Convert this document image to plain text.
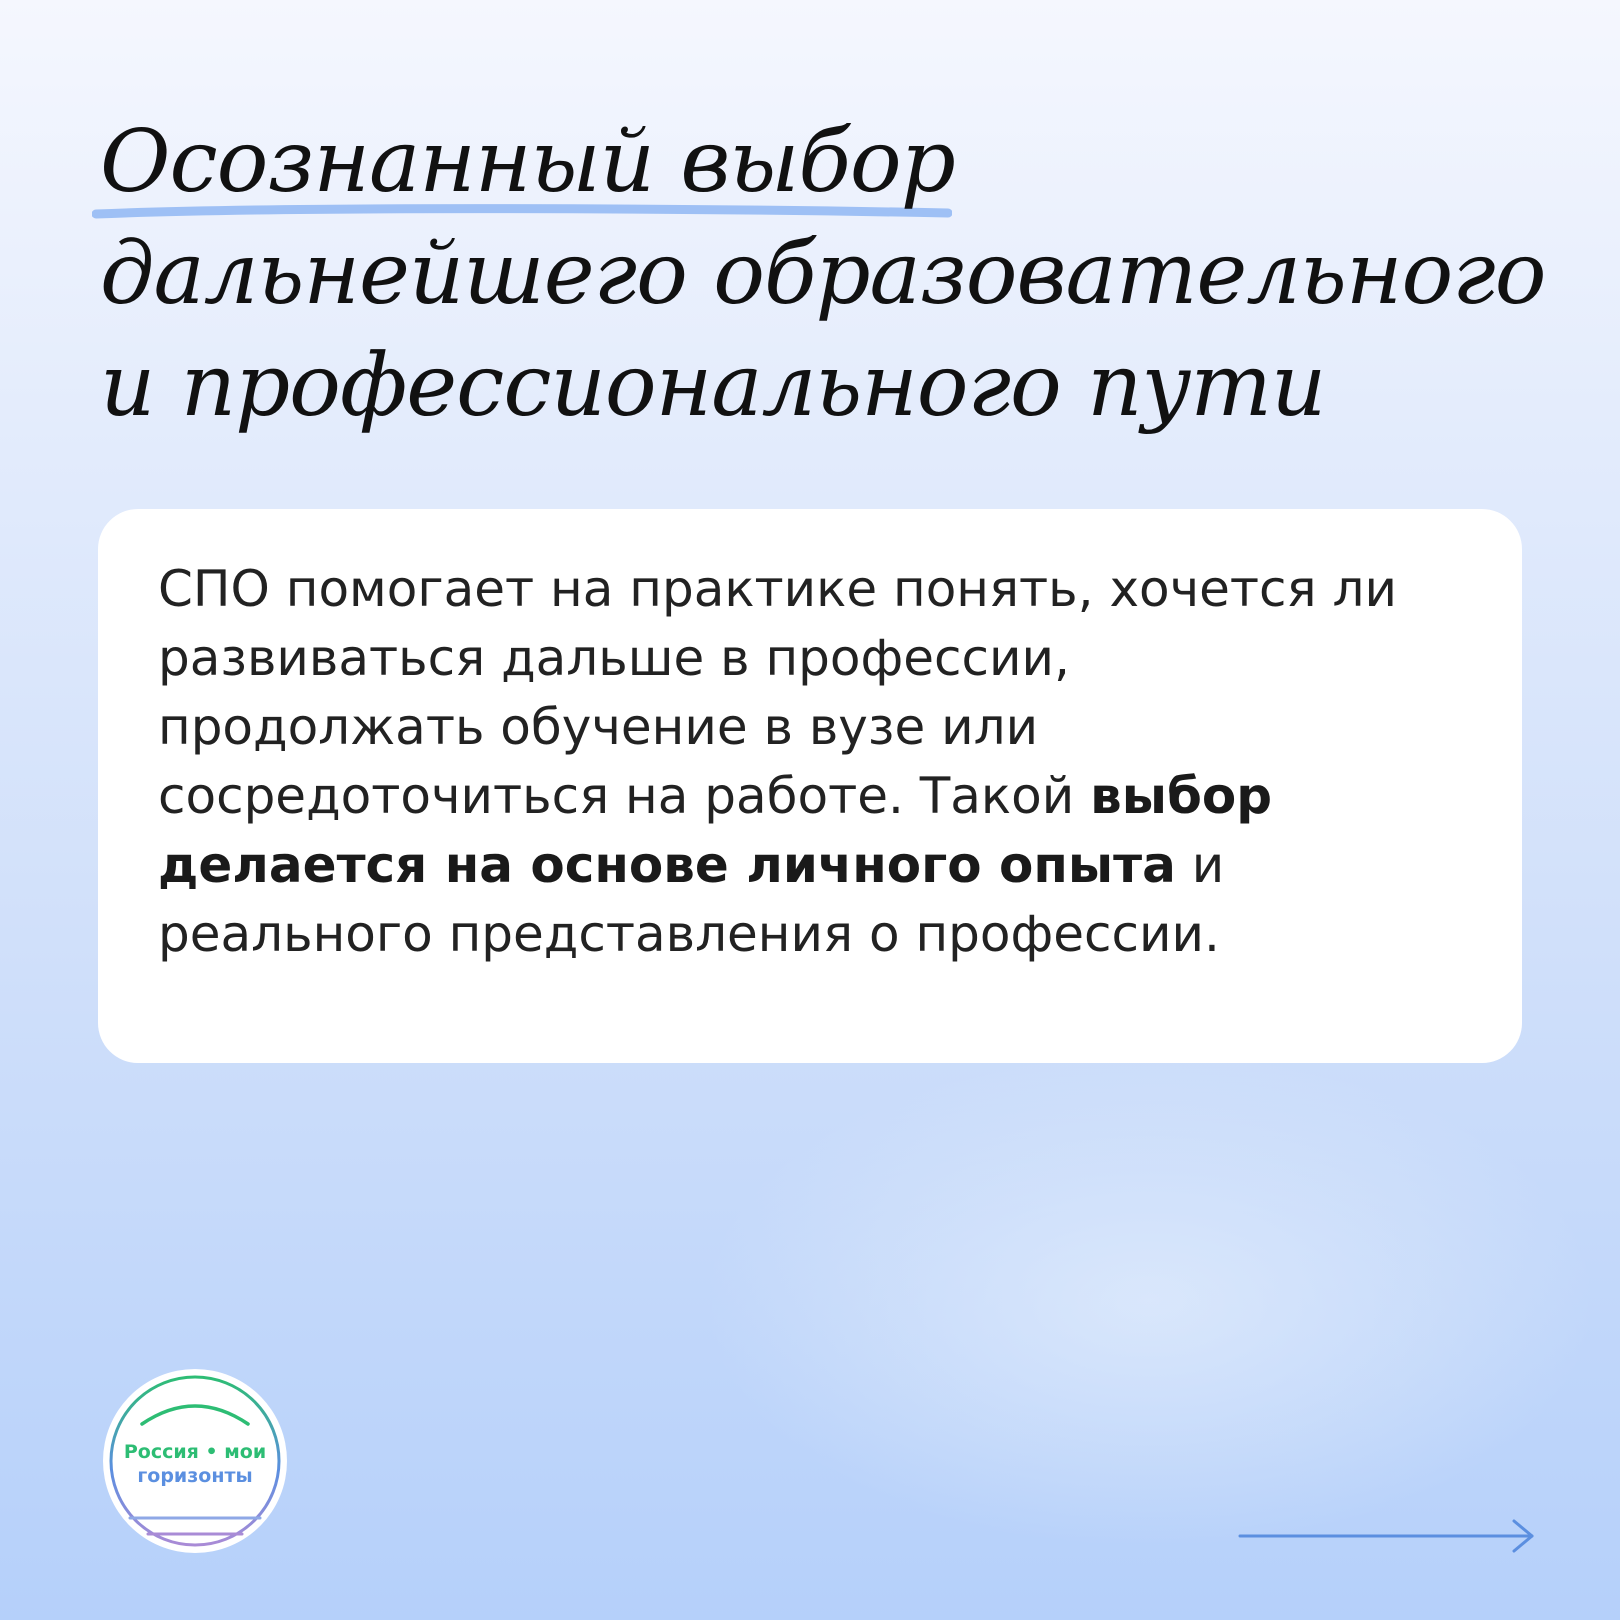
Осознанный выбор
дальнейшего образовательного
и профессионального пути

СПО помогает на практике понять, хочется ли
развиваться дальше в профессии,
продолжать обучение в вузе или
сосредоточиться на работе. Такой выбор
делается на основе личного опыта и
реального представления о профессии.

Россия • мои
горизонты
